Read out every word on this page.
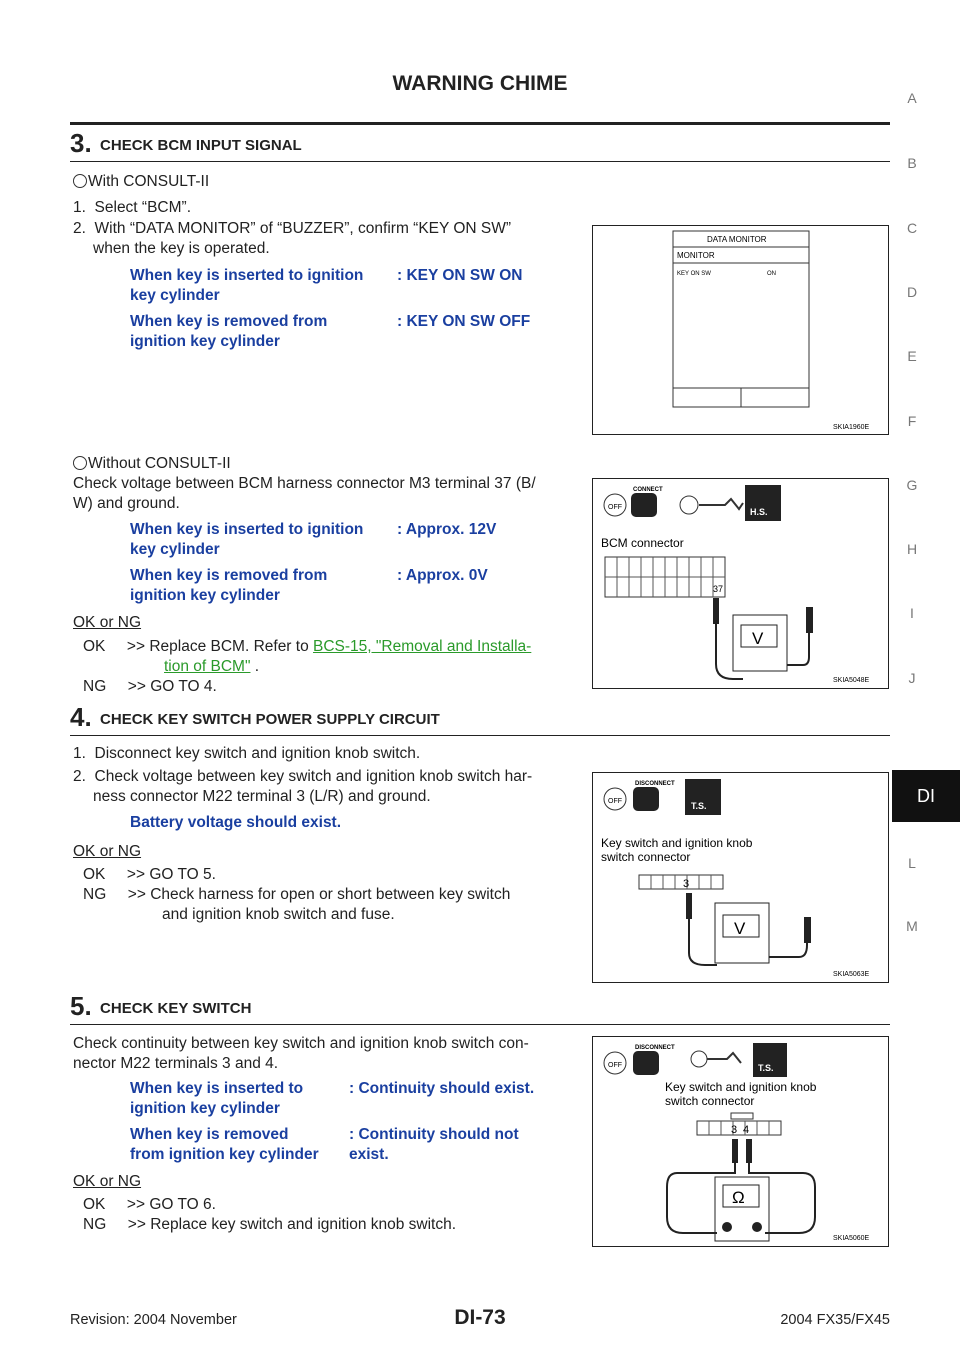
WARNING CHIME
A
B
C
D
E
F
G
H
I
J
DI
L
M
3. CHECK BCM INPUT SIGNAL
With CONSULT-II
1.  Select “BCM”.
2.  With “DATA MONITOR” of “BUZZER”, confirm “KEY ON SW”
when the key is operated.
When key is inserted to ignition
key cylinder
: KEY ON SW ON
When key is removed from
ignition key cylinder
: KEY ON SW OFF
DATA MONITOR
MONITOR
KEY ON SW	ON
SKIA1960E
Without CONSULT-II
Check voltage between BCM harness connector M3 terminal 37 (B/
W) and ground.
When key is inserted to ignition
key cylinder
: Approx. 12V
When key is removed from
ignition key cylinder
: Approx. 0V
OK or NG
OK     >> Replace BCM. Refer to BCS-15, "Removal and Installa-
tion of BCM" .
NG     >> GO TO 4.
OFF
CONNECT
H.S.
BCM connector
37
V
SKIA5048E
4. CHECK KEY SWITCH POWER SUPPLY CIRCUIT
1.  Disconnect key switch and ignition knob switch.
2.  Check voltage between key switch and ignition knob switch har-
ness connector M22 terminal 3 (L/R) and ground.
Battery voltage should exist.
OK or NG
OK     >> GO TO 5.
NG     >> Check harness for open or short between key switch
and ignition knob switch and fuse.
OFF
DISCONNECT
T.S.
Key switch and ignition knob
switch connector
3
V
SKIA5063E
5. CHECK KEY SWITCH
Check continuity between key switch and ignition knob switch con-
nector M22 terminals 3 and 4.
When key is inserted to
ignition key cylinder
: Continuity should exist.
When key is removed
from ignition key cylinder
: Continuity should not
exist.
OK or NG
OK     >> GO TO 6.
NG     >> Replace key switch and ignition knob switch.
OFF
DISCONNECT
T.S.
Key switch and ignition knob
switch connector
3 4
Ω
SKIA5060E
Revision: 2004 November	DI-73	2004 FX35/FX45
